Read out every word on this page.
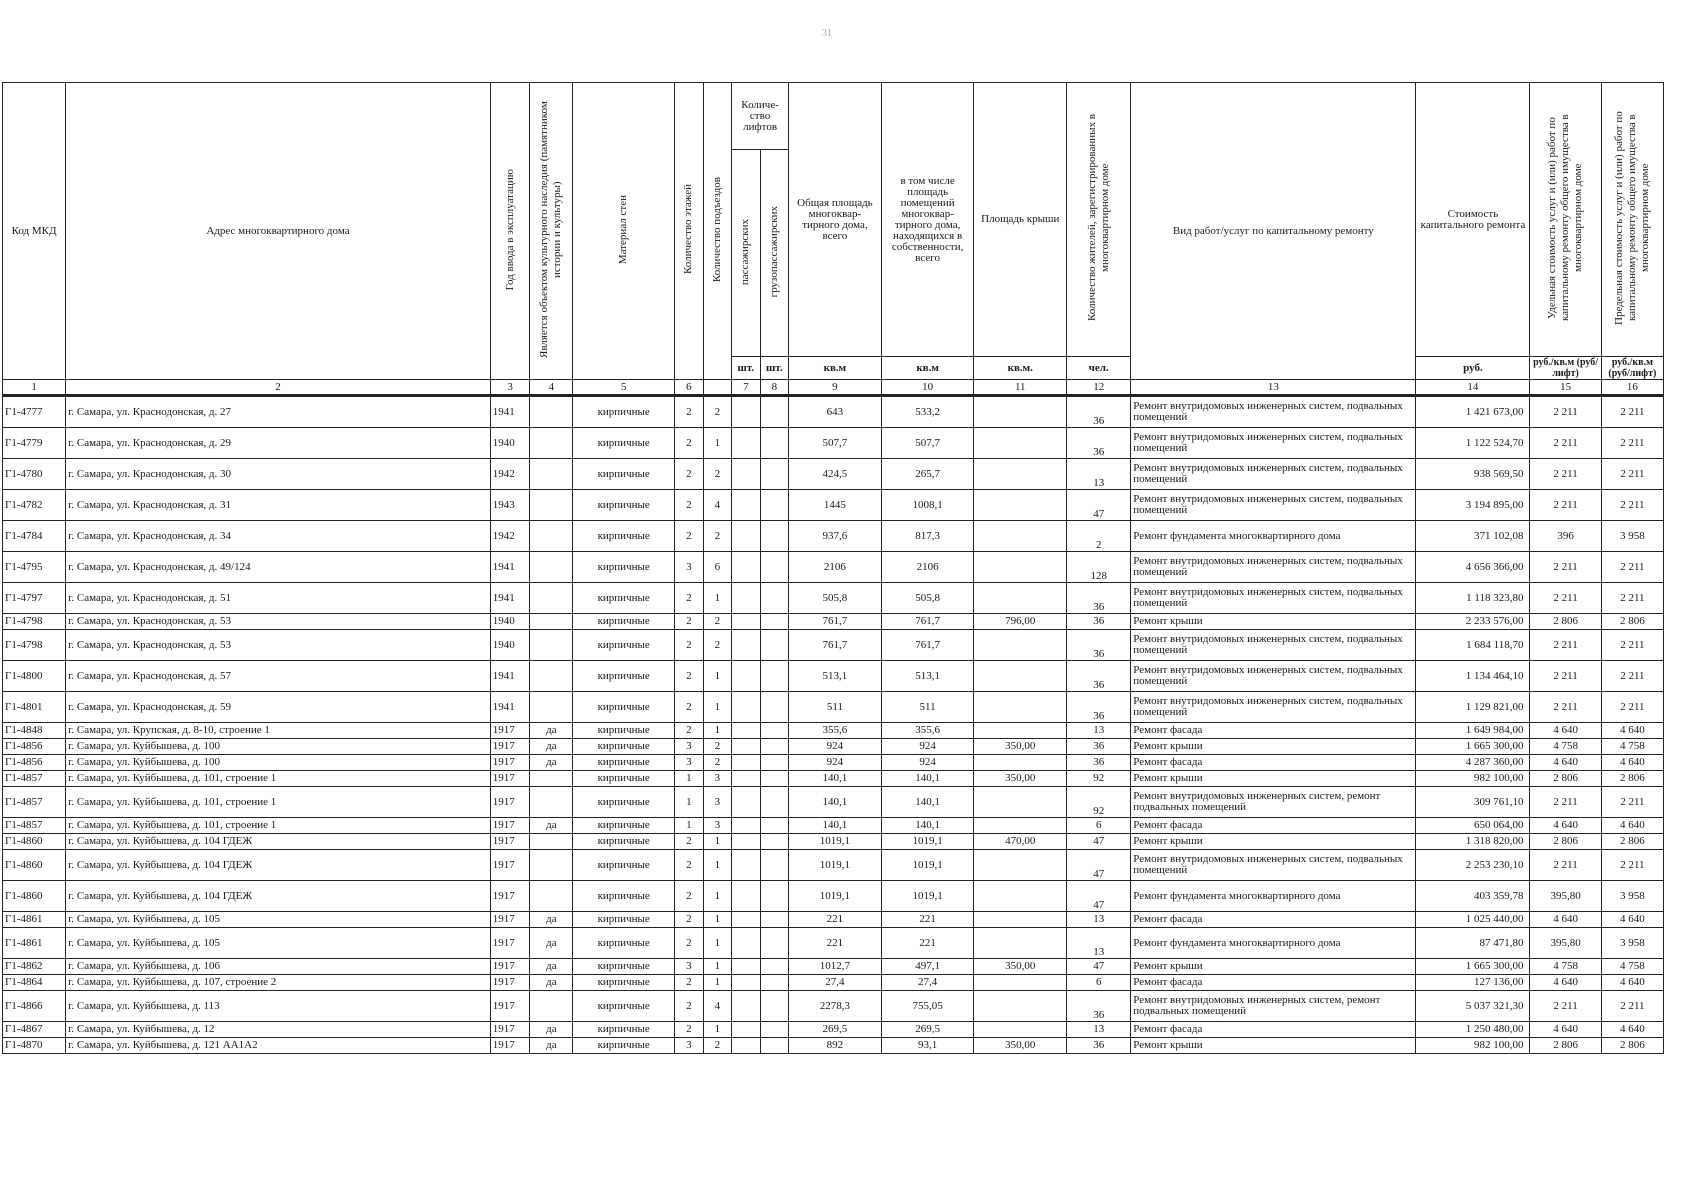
31
Код МКД	Адрес многоквартирного дома	Год ввода в эксплуатацию	Является объектом культурного наследия (памятником истории и культуры)	Материал стен	Количество этажей	Количество подъездов	Количе-ство лифтов		Общая площадь многоквар-тирного дома, всего	в том числе площадь помещений многоквар-тирного дома, находящихся в собственности, всего	Площадь крыши	Количество жителей, зарегистрированных в многоквартирном доме	Вид работ/услуг по капитальному ремонту	Стоимость капитального ремонта	Удельная стоимость услуг и (или) работ по капитальному ремонту общего имущества в многоквартирном доме	Предельная стоимость услуг и (или) работ по капитальному ремонту общего имущества в многоквартирном доме
							пассажирских	грузопассажирских								
							шт.	шт.	кв.м	кв.м	кв.м.	чел.		руб.	руб./кв.м (руб/лифт)	руб./кв.м (руб/лифт)
1	2	3	4	5	6		7	8	9	10	11	12	13	14	15	16
Г1-4777	г. Самара, ул. Краснодонская, д. 27	1941		кирпичные	2	2			643	533,2		36	Ремонт внутридомовых инженерных систем, подвальных помещений	1 421 673,00	2 211	2 211
Г1-4779	г. Самара, ул. Краснодонская, д. 29	1940		кирпичные	2	1			507,7	507,7		36	Ремонт внутридомовых инженерных систем, подвальных помещений	1 122 524,70	2 211	2 211
Г1-4780	г. Самара, ул. Краснодонская, д. 30	1942		кирпичные	2	2			424,5	265,7		13	Ремонт внутридомовых инженерных систем, подвальных помещений	938 569,50	2 211	2 211
Г1-4782	г. Самара, ул. Краснодонская, д. 31	1943		кирпичные	2	4			1445	1008,1		47	Ремонт внутридомовых инженерных систем, подвальных помещений	3 194 895,00	2 211	2 211
Г1-4784	г. Самара, ул. Краснодонская, д. 34	1942		кирпичные	2	2			937,6	817,3		2	Ремонт фундамента многоквартирного дома	371 102,08	396	3 958
Г1-4795	г. Самара, ул. Краснодонская, д. 49/124	1941		кирпичные	3	6			2106	2106		128	Ремонт внутридомовых инженерных систем, подвальных помещений	4 656 366,00	2 211	2 211
Г1-4797	г. Самара, ул. Краснодонская, д. 51	1941		кирпичные	2	1			505,8	505,8		36	Ремонт внутридомовых инженерных систем, подвальных помещений	1 118 323,80	2 211	2 211
Г1-4798	г. Самара, ул. Краснодонская, д. 53	1940		кирпичные	2	2			761,7	761,7	796,00	36	Ремонт крыши	2 233 576,00	2 806	2 806
Г1-4798	г. Самара, ул. Краснодонская, д. 53	1940		кирпичные	2	2			761,7	761,7		36	Ремонт внутридомовых инженерных систем, подвальных помещений	1 684 118,70	2 211	2 211
Г1-4800	г. Самара, ул. Краснодонская, д. 57	1941		кирпичные	2	1			513,1	513,1		36	Ремонт внутридомовых инженерных систем, подвальных помещений	1 134 464,10	2 211	2 211
Г1-4801	г. Самара, ул. Краснодонская, д. 59	1941		кирпичные	2	1			511	511		36	Ремонт внутридомовых инженерных систем, подвальных помещений	1 129 821,00	2 211	2 211
Г1-4848	г. Самара, ул. Крупская, д. 8-10, строение 1	1917	да	кирпичные	2	1			355,6	355,6		13	Ремонт фасада	1 649 984,00	4 640	4 640
Г1-4856	г. Самара, ул. Куйбышева, д. 100	1917	да	кирпичные	3	2			924	924	350,00	36	Ремонт крыши	1 665 300,00	4 758	4 758
Г1-4856	г. Самара, ул. Куйбышева, д. 100	1917	да	кирпичные	3	2			924	924		36	Ремонт фасада	4 287 360,00	4 640	4 640
Г1-4857	г. Самара, ул. Куйбышева, д. 101, строение 1	1917		кирпичные	1	3			140,1	140,1	350,00	92	Ремонт крыши	982 100,00	2 806	2 806
Г1-4857	г. Самара, ул. Куйбышева, д. 101, строение 1	1917		кирпичные	1	3			140,1	140,1		92	Ремонт внутридомовых инженерных систем, ремонт подвальных помещений	309 761,10	2 211	2 211
Г1-4857	г. Самара, ул. Куйбышева, д. 101, строение 1	1917	да	кирпичные	1	3			140,1	140,1		6	Ремонт фасада	650 064,00	4 640	4 640
Г1-4860	г. Самара, ул. Куйбышева, д. 104 ГДЕЖ	1917		кирпичные	2	1			1019,1	1019,1	470,00	47	Ремонт крыши	1 318 820,00	2 806	2 806
Г1-4860	г. Самара, ул. Куйбышева, д. 104 ГДЕЖ	1917		кирпичные	2	1			1019,1	1019,1		47	Ремонт внутридомовых инженерных систем, подвальных помещений	2 253 230,10	2 211	2 211
Г1-4860	г. Самара, ул. Куйбышева, д. 104 ГДЕЖ	1917		кирпичные	2	1			1019,1	1019,1		47	Ремонт фундамента многоквартирного дома	403 359,78	395,80	3 958
Г1-4861	г. Самара, ул. Куйбышева, д. 105	1917	да	кирпичные	2	1			221	221		13	Ремонт фасада	1 025 440,00	4 640	4 640
Г1-4861	г. Самара, ул. Куйбышева, д. 105	1917	да	кирпичные	2	1			221	221		13	Ремонт фундамента многоквартирного дома	87 471,80	395,80	3 958
Г1-4862	г. Самара, ул. Куйбышева, д. 106	1917	да	кирпичные	3	1			1012,7	497,1	350,00	47	Ремонт крыши	1 665 300,00	4 758	4 758
Г1-4864	г. Самара, ул. Куйбышева, д. 107, строение 2	1917	да	кирпичные	2	1			27,4	27,4		6	Ремонт фасада	127 136,00	4 640	4 640
Г1-4866	г. Самара, ул. Куйбышева, д. 113	1917		кирпичные	2	4			2278,3	755,05		36	Ремонт внутридомовых инженерных систем, ремонт подвальных помещений	5 037 321,30	2 211	2 211
Г1-4867	г. Самара, ул. Куйбышева, д. 12	1917	да	кирпичные	2	1			269,5	269,5		13	Ремонт фасада	1 250 480,00	4 640	4 640
Г1-4870	г. Самара, ул. Куйбышева, д. 121 АА1А2	1917	да	кирпичные	3	2			892	93,1	350,00	36	Ремонт крыши	982 100,00	2 806	2 806
